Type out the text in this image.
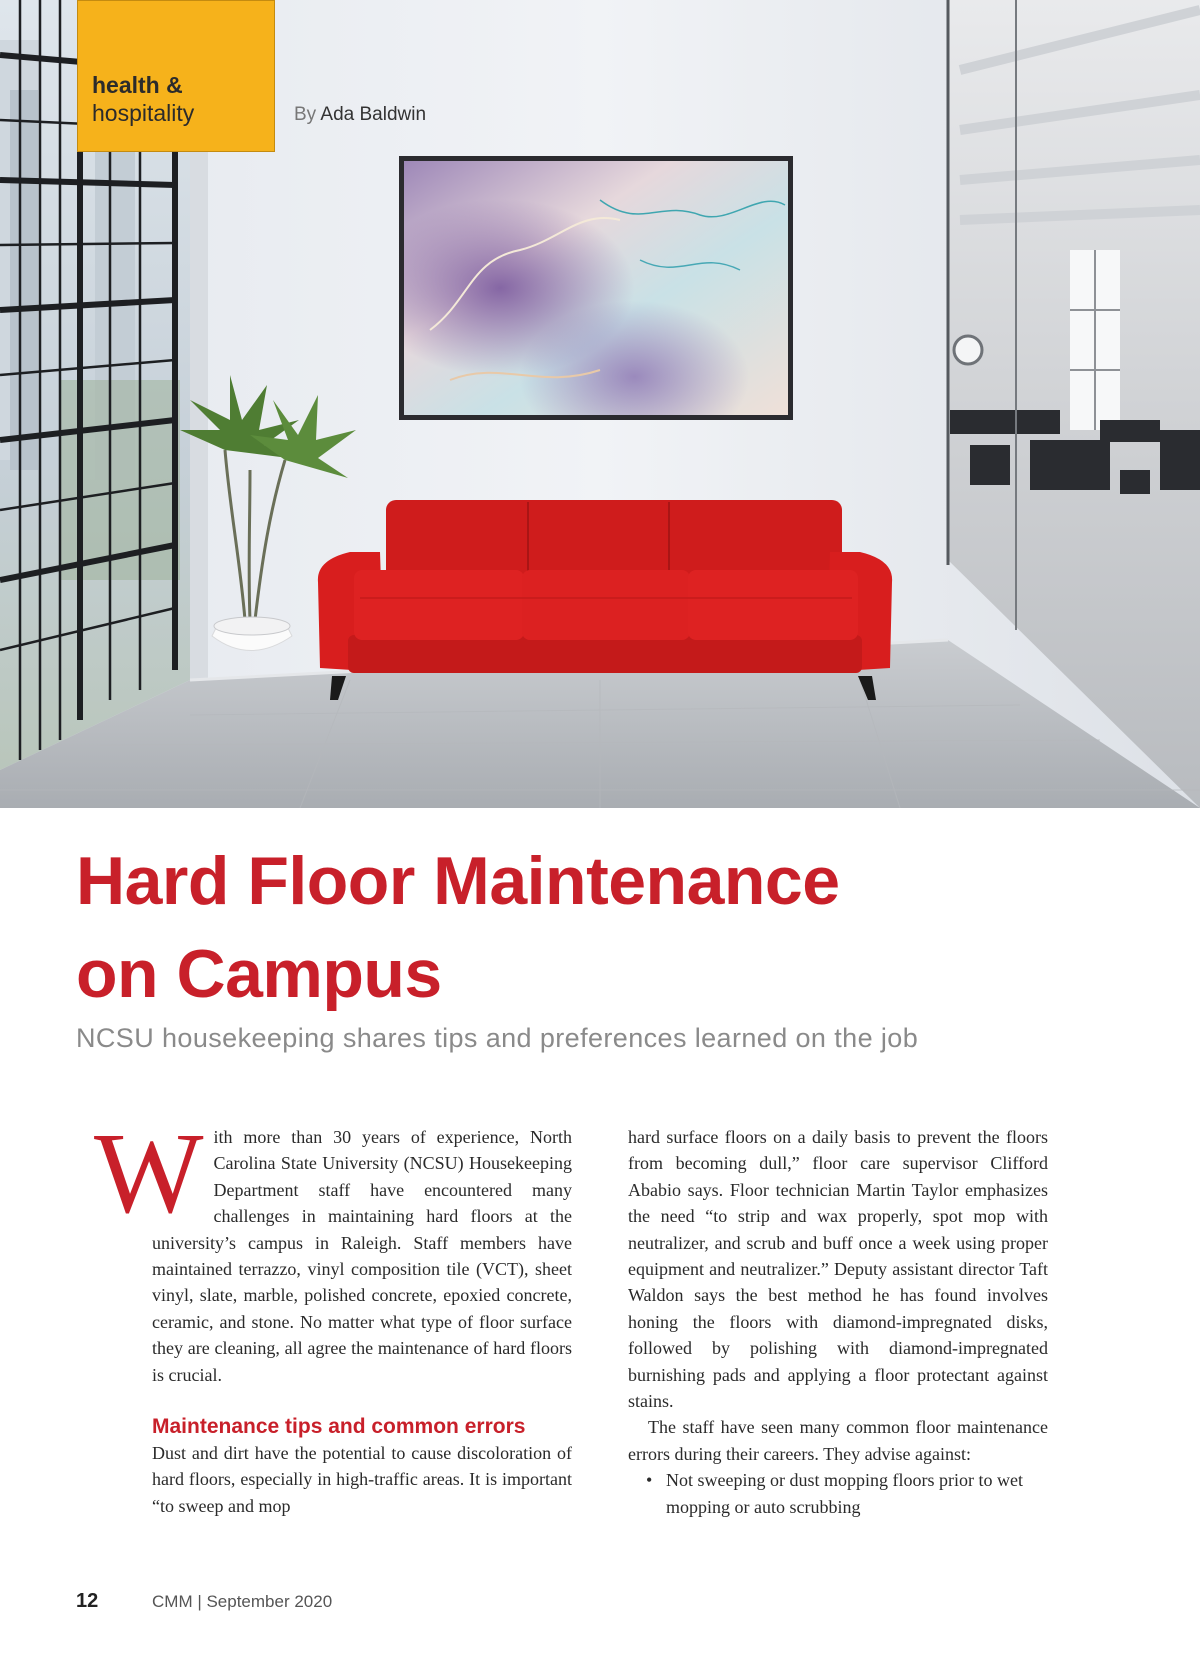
health &
hospitality	By Ada Baldwin
Hard Floor Maintenance
on Campus
NCSU housekeeping shares tips and preferences learned on the job

With more than 30 years of experience, North Carolina State University (NCSU) Housekeeping Department staff have encountered many challenges in maintaining hard floors at the university’s campus in Raleigh. Staff members have maintained terrazzo, vinyl composition tile (VCT), sheet vinyl, slate, marble, polished concrete, epoxied concrete, ceramic, and stone. No matter what type of floor surface they are cleaning, all agree the maintenance of hard floors is crucial.

Maintenance tips and common errors

Dust and dirt have the potential to cause discoloration of hard floors, especially in high-traffic areas. It is important “to sweep and mop

hard surface floors on a daily basis to prevent the floors from becoming dull,” floor care supervisor Clifford Ababio says. Floor technician Martin Taylor emphasizes the need “to strip and wax properly, spot mop with neutralizer, and scrub and buff once a week using proper equipment and neutralizer.” Deputy assistant director Taft Waldon says the best method he has found involves honing the floors with diamond-impregnated disks, followed by polishing with diamond-impregnated burnishing pads and applying a floor protectant against stains.

The staff have seen many common floor maintenance errors during their careers. They advise against:

• Not sweeping or dust mopping floors prior to wet mopping or auto scrubbing
12	CMM | September 2020
